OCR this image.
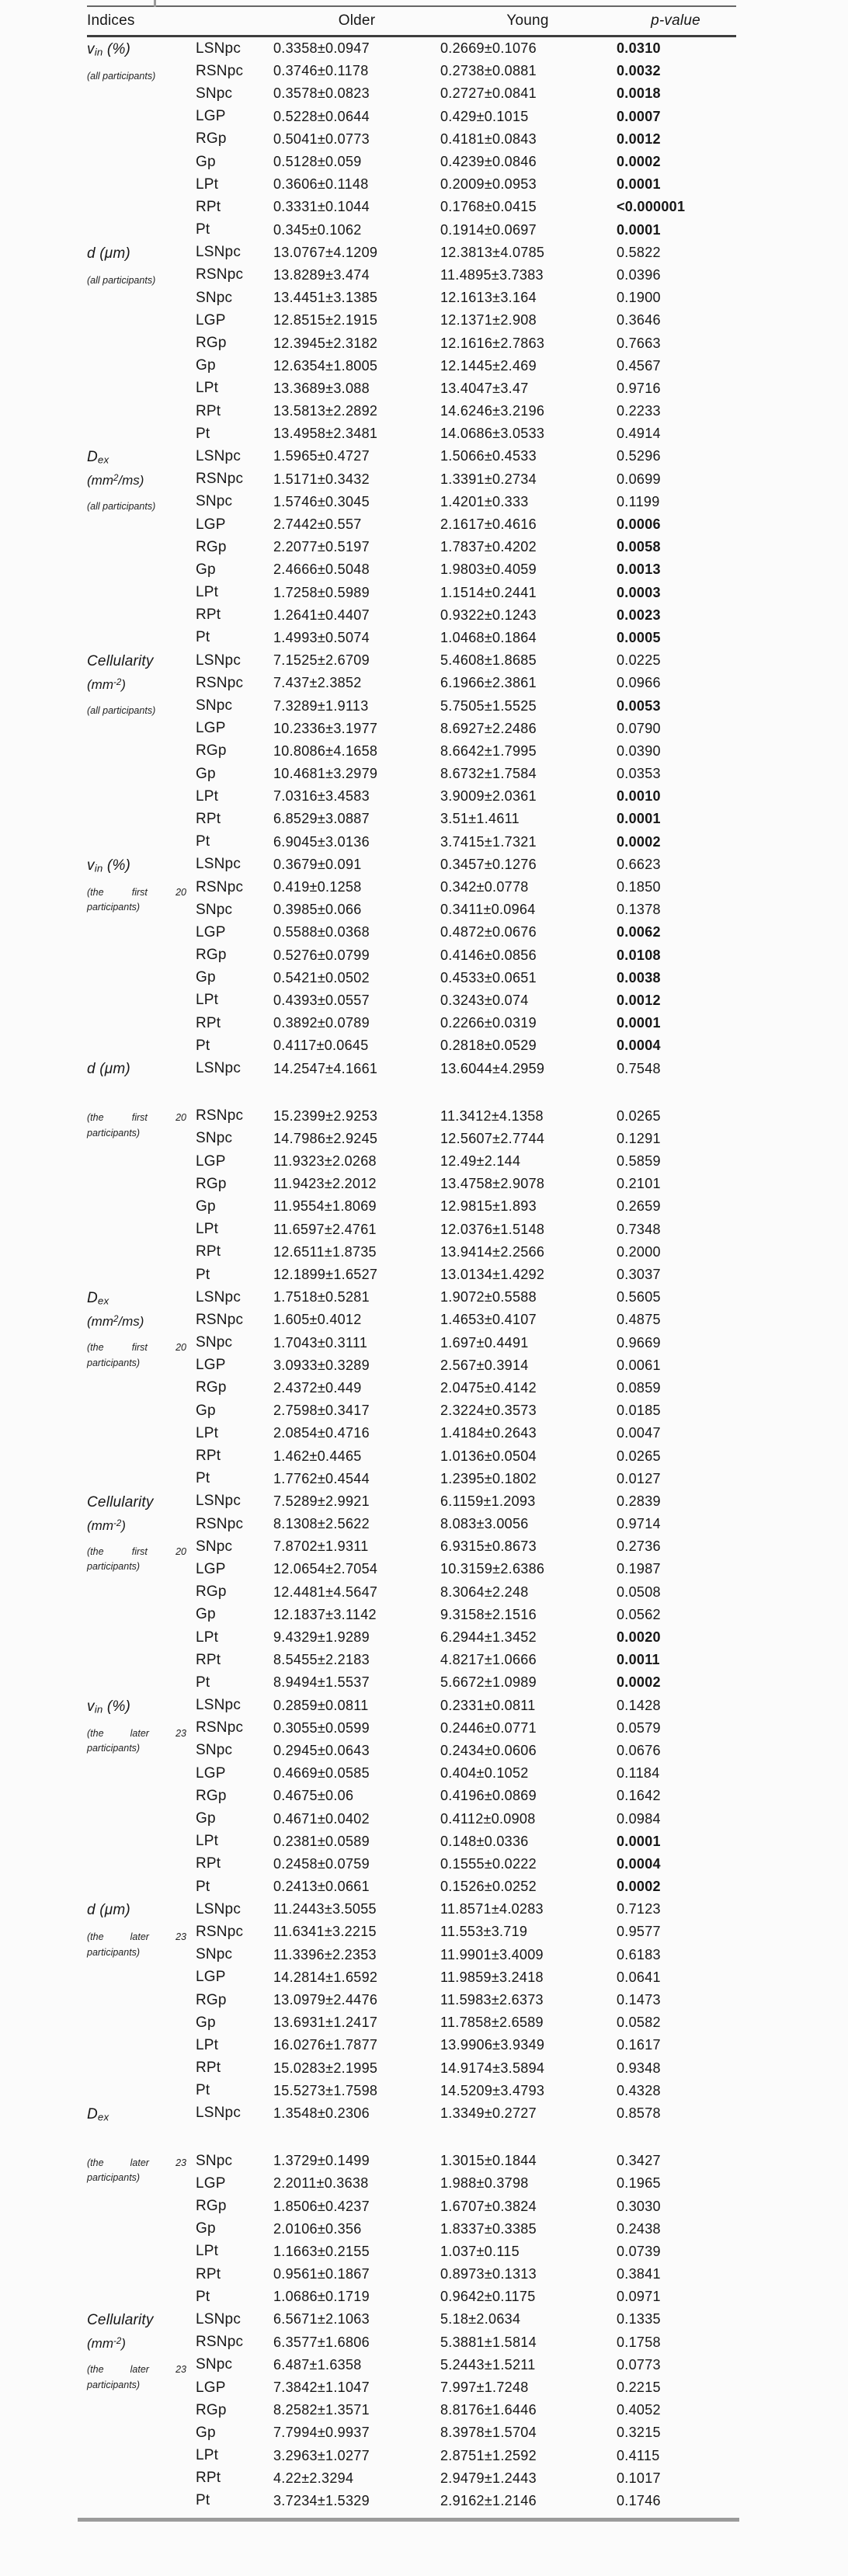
Indices	Older	Young	p-value
$v_{in}$ (%)
(all participants)
LSNpc	0.3358±0.0947	0.2669±0.1076	0.0310
RSNpc	0.3746±0.1178	0.2738±0.0881	0.0032
SNpc	0.3578±0.0823	0.2727±0.0841	0.0018
LGP	0.5228±0.0644	0.429±0.1015	0.0007
RGp	0.5041±0.0773	0.4181±0.0843	0.0012
Gp	0.5128±0.059	0.4239±0.0846	0.0002
LPt	0.3606±0.1148	0.2009±0.0953	0.0001
RPt	0.3331±0.1044	0.1768±0.0415	<0.000001
Pt	0.345±0.1062	0.1914±0.0697	0.0001
d (μm)
(all participants)
LSNpc	13.0767±4.1209	12.3813±4.0785	0.5822
RSNpc	13.8289±3.474	11.4895±3.7383	0.0396
SNpc	13.4451±3.1385	12.1613±3.164	0.1900
LGP	12.8515±2.1915	12.1371±2.908	0.3646
RGp	12.3945±2.3182	12.1616±2.7863	0.7663
Gp	12.6354±1.8005	12.1445±2.469	0.4567
LPt	13.3689±3.088	13.4047±3.47	0.9716
RPt	13.5813±2.2892	14.6246±3.2196	0.2233
Pt	13.4958±2.3481	14.0686±3.0533	0.4914
$D_{ex}$
$(mm^2/ms)$
(all participants)
LSNpc	1.5965±0.4727	1.5066±0.4533	0.5296
RSNpc	1.5171±0.3432	1.3391±0.2734	0.0699
SNpc	1.5746±0.3045	1.4201±0.333	0.1199
LGP	2.7442±0.557	2.1617±0.4616	0.0006
RGp	2.2077±0.5197	1.7837±0.4202	0.0058
Gp	2.4666±0.5048	1.9803±0.4059	0.0013
LPt	1.7258±0.5989	1.1514±0.2441	0.0003
RPt	1.2641±0.4407	0.9322±0.1243	0.0023
Pt	1.4993±0.5074	1.0468±0.1864	0.0005
Cellularity
$(mm^{-2})$
(all participants)
LSNpc	7.1525±2.6709	5.4608±1.8685	0.0225
RSNpc	7.437±2.3852	6.1966±2.3861	0.0966
SNpc	7.3289±1.9113	5.7505±1.5525	0.0053
LGP	10.2336±3.1977	8.6927±2.2486	0.0790
RGp	10.8086±4.1658	8.6642±1.7995	0.0390
Gp	10.4681±3.2979	8.6732±1.7584	0.0353
LPt	7.0316±3.4583	3.9009±2.0361	0.0010
RPt	6.8529±3.0887	3.51±1.4611	0.0001
Pt	6.9045±3.0136	3.7415±1.7321	0.0002
$v_{in}$ (%)
(the first 20 participants)
LSNpc	0.3679±0.091	0.3457±0.1276	0.6623
RSNpc	0.419±0.1258	0.342±0.0778	0.1850
SNpc	0.3985±0.066	0.3411±0.0964	0.1378
LGP	0.5588±0.0368	0.4872±0.0676	0.0062
RGp	0.5276±0.0799	0.4146±0.0856	0.0108
Gp	0.5421±0.0502	0.4533±0.0651	0.0038
LPt	0.4393±0.0557	0.3243±0.074	0.0012
RPt	0.3892±0.0789	0.2266±0.0319	0.0001
Pt	0.4117±0.0645	0.2818±0.0529	0.0004
d (μm)
(the first 20 participants)
LSNpc	14.2547±4.1661	13.6044±4.2959	0.7548
RSNpc	15.2399±2.9253	11.3412±4.1358	0.0265
SNpc	14.7986±2.9245	12.5607±2.7744	0.1291
LGP	11.9323±2.0268	12.49±2.144	0.5859
RGp	11.9423±2.2012	13.4758±2.9078	0.2101
Gp	11.9554±1.8069	12.9815±1.893	0.2659
LPt	11.6597±2.4761	12.0376±1.5148	0.7348
RPt	12.6511±1.8735	13.9414±2.2566	0.2000
Pt	12.1899±1.6527	13.0134±1.4292	0.3037
$D_{ex}$
$(mm^2/ms)$
(the first 20 participants)
LSNpc	1.7518±0.5281	1.9072±0.5588	0.5605
RSNpc	1.605±0.4012	1.4653±0.4107	0.4875
SNpc	1.7043±0.3111	1.697±0.4491	0.9669
LGP	3.0933±0.3289	2.567±0.3914	0.0061
RGp	2.4372±0.449	2.0475±0.4142	0.0859
Gp	2.7598±0.3417	2.3224±0.3573	0.0185
LPt	2.0854±0.4716	1.4184±0.2643	0.0047
RPt	1.462±0.4465	1.0136±0.0504	0.0265
Pt	1.7762±0.4544	1.2395±0.1802	0.0127
Cellularity
$(mm^{-2})$
(the first 20 participants)
LSNpc	7.5289±2.9921	6.1159±1.2093	0.2839
RSNpc	8.1308±2.5622	8.083±3.0056	0.9714
SNpc	7.8702±1.9311	6.9315±0.8673	0.2736
LGP	12.0654±2.7054	10.3159±2.6386	0.1987
RGp	12.4481±4.5647	8.3064±2.248	0.0508
Gp	12.1837±3.1142	9.3158±2.1516	0.0562
LPt	9.4329±1.9289	6.2944±1.3452	0.0020
RPt	8.5455±2.2183	4.8217±1.0666	0.0011
Pt	8.9494±1.5537	5.6672±1.0989	0.0002
$v_{in}$ (%)
(the later 23 participants)
LSNpc	0.2859±0.0811	0.2331±0.0811	0.1428
RSNpc	0.3055±0.0599	0.2446±0.0771	0.0579
SNpc	0.2945±0.0643	0.2434±0.0606	0.0676
LGP	0.4669±0.0585	0.404±0.1052	0.1184
RGp	0.4675±0.06	0.4196±0.0869	0.1642
Gp	0.4671±0.0402	0.4112±0.0908	0.0984
LPt	0.2381±0.0589	0.148±0.0336	0.0001
RPt	0.2458±0.0759	0.1555±0.0222	0.0004
Pt	0.2413±0.0661	0.1526±0.0252	0.0002
d (μm)
(the later 23 participants)
LSNpc	11.2443±3.5055	11.8571±4.0283	0.7123
RSNpc	11.6341±3.2215	11.553±3.719	0.9577
SNpc	11.3396±2.2353	11.9901±3.4009	0.6183
LGP	14.2814±1.6592	11.9859±3.2418	0.0641
RGp	13.0979±2.4476	11.5983±2.6373	0.1473
Gp	13.6931±1.2417	11.7858±2.6589	0.0582
LPt	16.0276±1.7877	13.9906±3.9349	0.1617
RPt	15.0283±2.1995	14.9174±3.5894	0.9348
Pt	15.5273±1.7598	14.5209±3.4793	0.4328
$D_{ex}$
(the later 23 participants)
LSNpc	1.3548±0.2306	1.3349±0.2727	0.8578
SNpc	1.3729±0.1499	1.3015±0.1844	0.3427
LGP	2.2011±0.3638	1.988±0.3798	0.1965
RGp	1.8506±0.4237	1.6707±0.3824	0.3030
Gp	2.0106±0.356	1.8337±0.3385	0.2438
LPt	1.1663±0.2155	1.037±0.115	0.0739
RPt	0.9561±0.1867	0.8973±0.1313	0.3841
Pt	1.0686±0.1719	0.9642±0.1175	0.0971
Cellularity
$(mm^{-2})$
(the later 23 participants)
LSNpc	6.5671±2.1063	5.18±2.0634	0.1335
RSNpc	6.3577±1.6806	5.3881±1.5814	0.1758
SNpc	6.487±1.6358	5.2443±1.5211	0.0773
LGP	7.3842±1.1047	7.997±1.7248	0.2215
RGp	8.2582±1.3571	8.8176±1.6446	0.4052
Gp	7.7994±0.9937	8.3978±1.5704	0.3215
LPt	3.2963±1.0277	2.8751±1.2592	0.4115
RPt	4.22±2.3294	2.9479±1.2443	0.1017
Pt	3.7234±1.5329	2.9162±1.2146	0.1746
